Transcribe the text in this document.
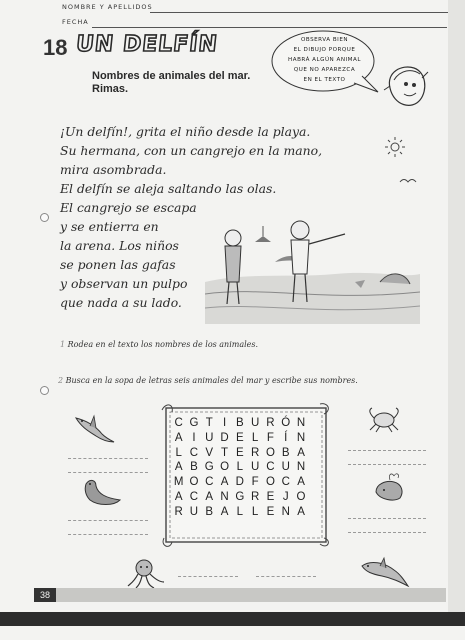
NOMBRE Y APELLIDOS
FECHA
18 UN DELFÍN	OBSERVA BIEN
EL DIBUJO PORQUE
HABRÁ ALGÚN ANIMAL
QUE NO APAREZCA
EN EL TEXTO
Nombres de animales del mar.
Rimas.
¡Un delfín!, grita el niño desde la playa.
Su hermana, con un cangrejo en la mano,
mira asombrada.
El delfín se aleja saltando las olas.
El cangrejo se escapa
y se entierra en
la arena. Los niños
se ponen las gafas
y observan un pulpo
que nada a su lado.
1 Rodea en el texto los nombres de los animales.
2 Busca en la sopa de letras seis animales del mar y escribe sus nombres.
C G T I B U R Ó N
A I U D E L F Í N
L C V T E R O B A
A B G O L U C U N
M O C A D F O C A
A C A N G R E J O
R U B A L L E N A
38
